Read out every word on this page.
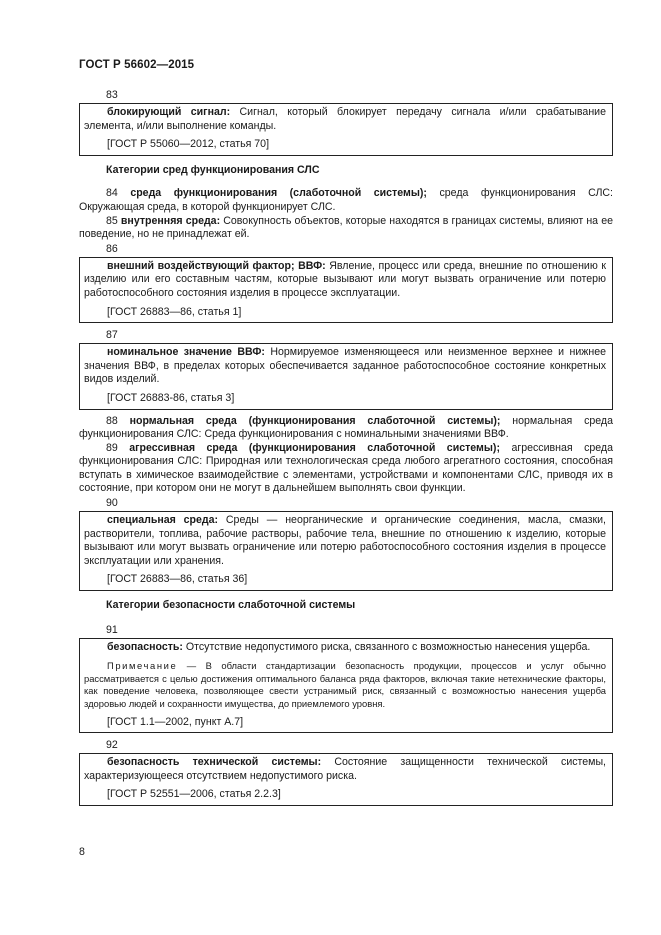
ГОСТ Р 56602—2015
83

блокирующий сигнал: Сигнал, который блокирует передачу сигнала и/или срабатывание элемента, и/или выполнение команды.

[ГОСТ Р 55060—2012, статья 70]

Категории сред функционирования СЛС

84 среда функционирования (слаботочной системы); среда функционирования СЛС: Окружающая среда, в которой функционирует СЛС.

85 внутренняя среда: Совокупность объектов, которые находятся в границах системы, влияют на ее поведение, но не принадлежат ей.

86

внешний воздействующий фактор; ВВФ: Явление, процесс или среда, внешние по отношению к изделию или его составным частям, которые вызывают или могут вызвать ограничение или потерю работоспособного состояния изделия в процессе эксплуатации.

[ГОСТ 26883—86, статья 1]

87

номинальное значение ВВФ: Нормируемое изменяющееся или неизменное верхнее и нижнее значения ВВФ, в пределах которых обеспечивается заданное работоспособное состояние конкретных видов изделий.

[ГОСТ 26883-86, статья 3]

88 нормальная среда (функционирования слаботочной системы); нормальная среда функционирования СЛС: Среда функционирования с номинальными значениями ВВФ.

89 агрессивная среда (функционирования слаботочной системы); агрессивная среда функционирования СЛС: Природная или технологическая среда любого агрегатного состояния, способная вступать в химическое взаимодействие с элементами, устройствами и компонентами СЛС, приводя их в состояние, при котором они не могут в дальнейшем выполнять свои функции.

90

специальная среда: Среды — неорганические и органические соединения, масла, смазки, растворители, топлива, рабочие растворы, рабочие тела, внешние по отношению к изделию, которые вызывают или могут вызвать ограничение или потерю работоспособного состояния изделия в процессе эксплуатации или хранения.

[ГОСТ 26883—86, статья 36]

Категории безопасности слаботочной системы

91

безопасность: Отсутствие недопустимого риска, связанного с возможностью нанесения ущерба.

Примечание — В области стандартизации безопасность продукции, процессов и услуг обычно рассматривается с целью достижения оптимального баланса ряда факторов, включая такие нетехнические факторы, как поведение человека, позволяющее свести устранимый риск, связанный с возможностью нанесения ущерба здоровью людей и сохранности имущества, до приемлемого уровня.

[ГОСТ 1.1—2002, пункт А.7]

92

безопасность технической системы: Состояние защищенности технической системы, характеризующееся отсутствием недопустимого риска.

[ГОСТ Р 52551—2006, статья 2.2.3]

8
